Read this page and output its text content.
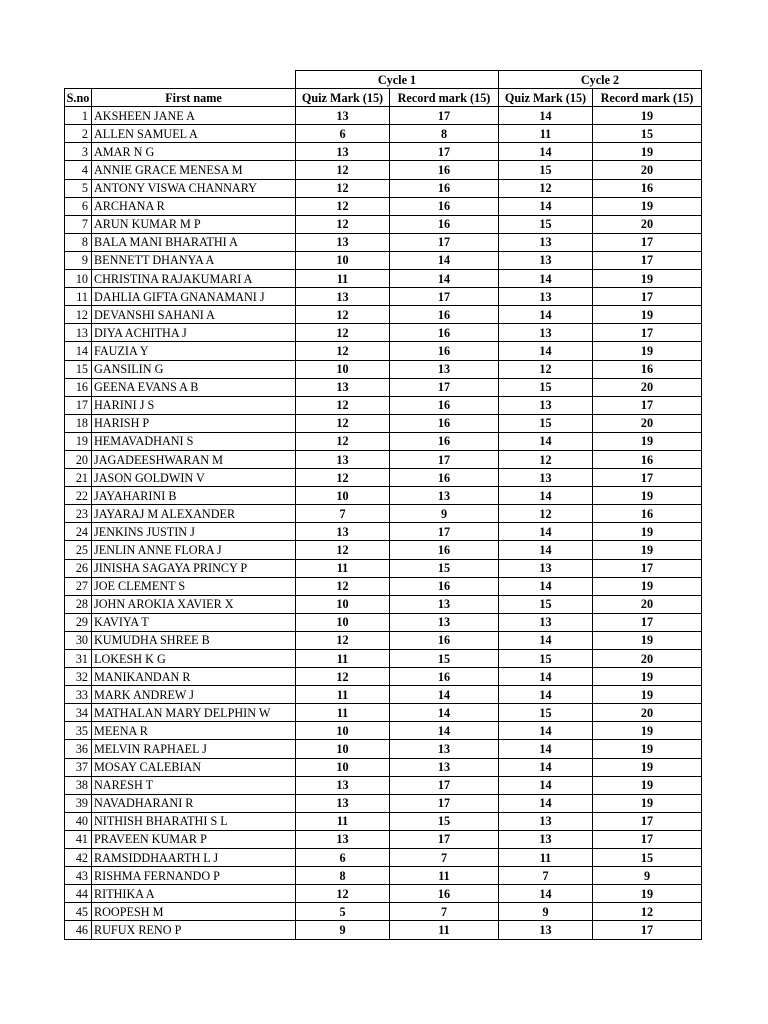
		Cycle 1		Cycle 2	
S.no	First name	Quiz Mark (15)	Record mark (15)	Quiz Mark (15)	Record mark (15)
1	AKSHEEN JANE A	13	17	14	19
2	ALLEN SAMUEL A	6	8	11	15
3	AMAR N G	13	17	14	19
4	ANNIE GRACE MENESA M	12	16	15	20
5	ANTONY VISWA CHANNARY	12	16	12	16
6	ARCHANA R	12	16	14	19
7	ARUN KUMAR M P	12	16	15	20
8	BALA MANI BHARATHI A	13	17	13	17
9	BENNETT DHANYA A	10	14	13	17
10	CHRISTINA RAJAKUMARI A	11	14	14	19
11	DAHLIA GIFTA GNANAMANI J	13	17	13	17
12	DEVANSHI SAHANI A	12	16	14	19
13	DIYA ACHITHA J	12	16	13	17
14	FAUZIA Y	12	16	14	19
15	GANSILIN G	10	13	12	16
16	GEENA EVANS A B	13	17	15	20
17	HARINI J S	12	16	13	17
18	HARISH P	12	16	15	20
19	HEMAVADHANI S	12	16	14	19
20	JAGADEESHWARAN M	13	17	12	16
21	JASON GOLDWIN V	12	16	13	17
22	JAYAHARINI B	10	13	14	19
23	JAYARAJ M ALEXANDER	7	9	12	16
24	JENKINS JUSTIN J	13	17	14	19
25	JENLIN ANNE FLORA J	12	16	14	19
26	JINISHA SAGAYA PRINCY P	11	15	13	17
27	JOE CLEMENT S	12	16	14	19
28	JOHN AROKIA XAVIER X	10	13	15	20
29	KAVIYA T	10	13	13	17
30	KUMUDHA SHREE B	12	16	14	19
31	LOKESH K G	11	15	15	20
32	MANIKANDAN R	12	16	14	19
33	MARK ANDREW J	11	14	14	19
34	MATHALAN MARY DELPHIN W	11	14	15	20
35	MEENA R	10	14	14	19
36	MELVIN RAPHAEL J	10	13	14	19
37	MOSAY CALEBIAN	10	13	14	19
38	NARESH T	13	17	14	19
39	NAVADHARANI R	13	17	14	19
40	NITHISH BHARATHI S L	11	15	13	17
41	PRAVEEN KUMAR P	13	17	13	17
42	RAMSIDDHAARTH L J	6	7	11	15
43	RISHMA FERNANDO P	8	11	7	9
44	RITHIKA A	12	16	14	19
45	ROOPESH M	5	7	9	12
46	RUFUX RENO P	9	11	13	17
